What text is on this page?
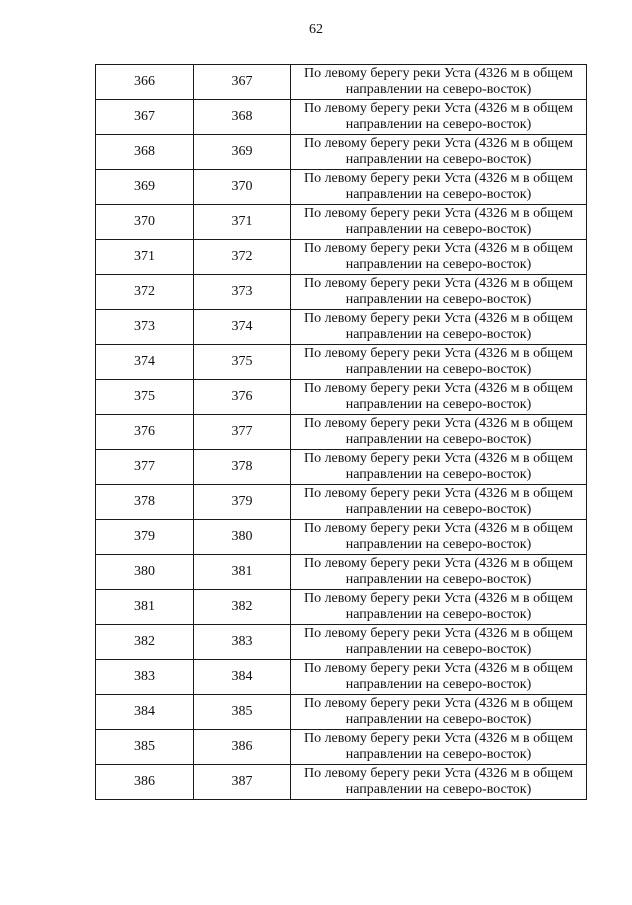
62
366	367	По левому берегу реки Уста (4326 м в общем направлении на северо-восток)
367	368	По левому берегу реки Уста (4326 м в общем направлении на северо-восток)
368	369	По левому берегу реки Уста (4326 м в общем направлении на северо-восток)
369	370	По левому берегу реки Уста (4326 м в общем направлении на северо-восток)
370	371	По левому берегу реки Уста (4326 м в общем направлении на северо-восток)
371	372	По левому берегу реки Уста (4326 м в общем направлении на северо-восток)
372	373	По левому берегу реки Уста (4326 м в общем направлении на северо-восток)
373	374	По левому берегу реки Уста (4326 м в общем направлении на северо-восток)
374	375	По левому берегу реки Уста (4326 м в общем направлении на северо-восток)
375	376	По левому берегу реки Уста (4326 м в общем направлении на северо-восток)
376	377	По левому берегу реки Уста (4326 м в общем направлении на северо-восток)
377	378	По левому берегу реки Уста (4326 м в общем направлении на северо-восток)
378	379	По левому берегу реки Уста (4326 м в общем направлении на северо-восток)
379	380	По левому берегу реки Уста (4326 м в общем направлении на северо-восток)
380	381	По левому берегу реки Уста (4326 м в общем направлении на северо-восток)
381	382	По левому берегу реки Уста (4326 м в общем направлении на северо-восток)
382	383	По левому берегу реки Уста (4326 м в общем направлении на северо-восток)
383	384	По левому берегу реки Уста (4326 м в общем направлении на северо-восток)
384	385	По левому берегу реки Уста (4326 м в общем направлении на северо-восток)
385	386	По левому берегу реки Уста (4326 м в общем направлении на северо-восток)
386	387	По левому берегу реки Уста (4326 м в общем направлении на северо-восток)
